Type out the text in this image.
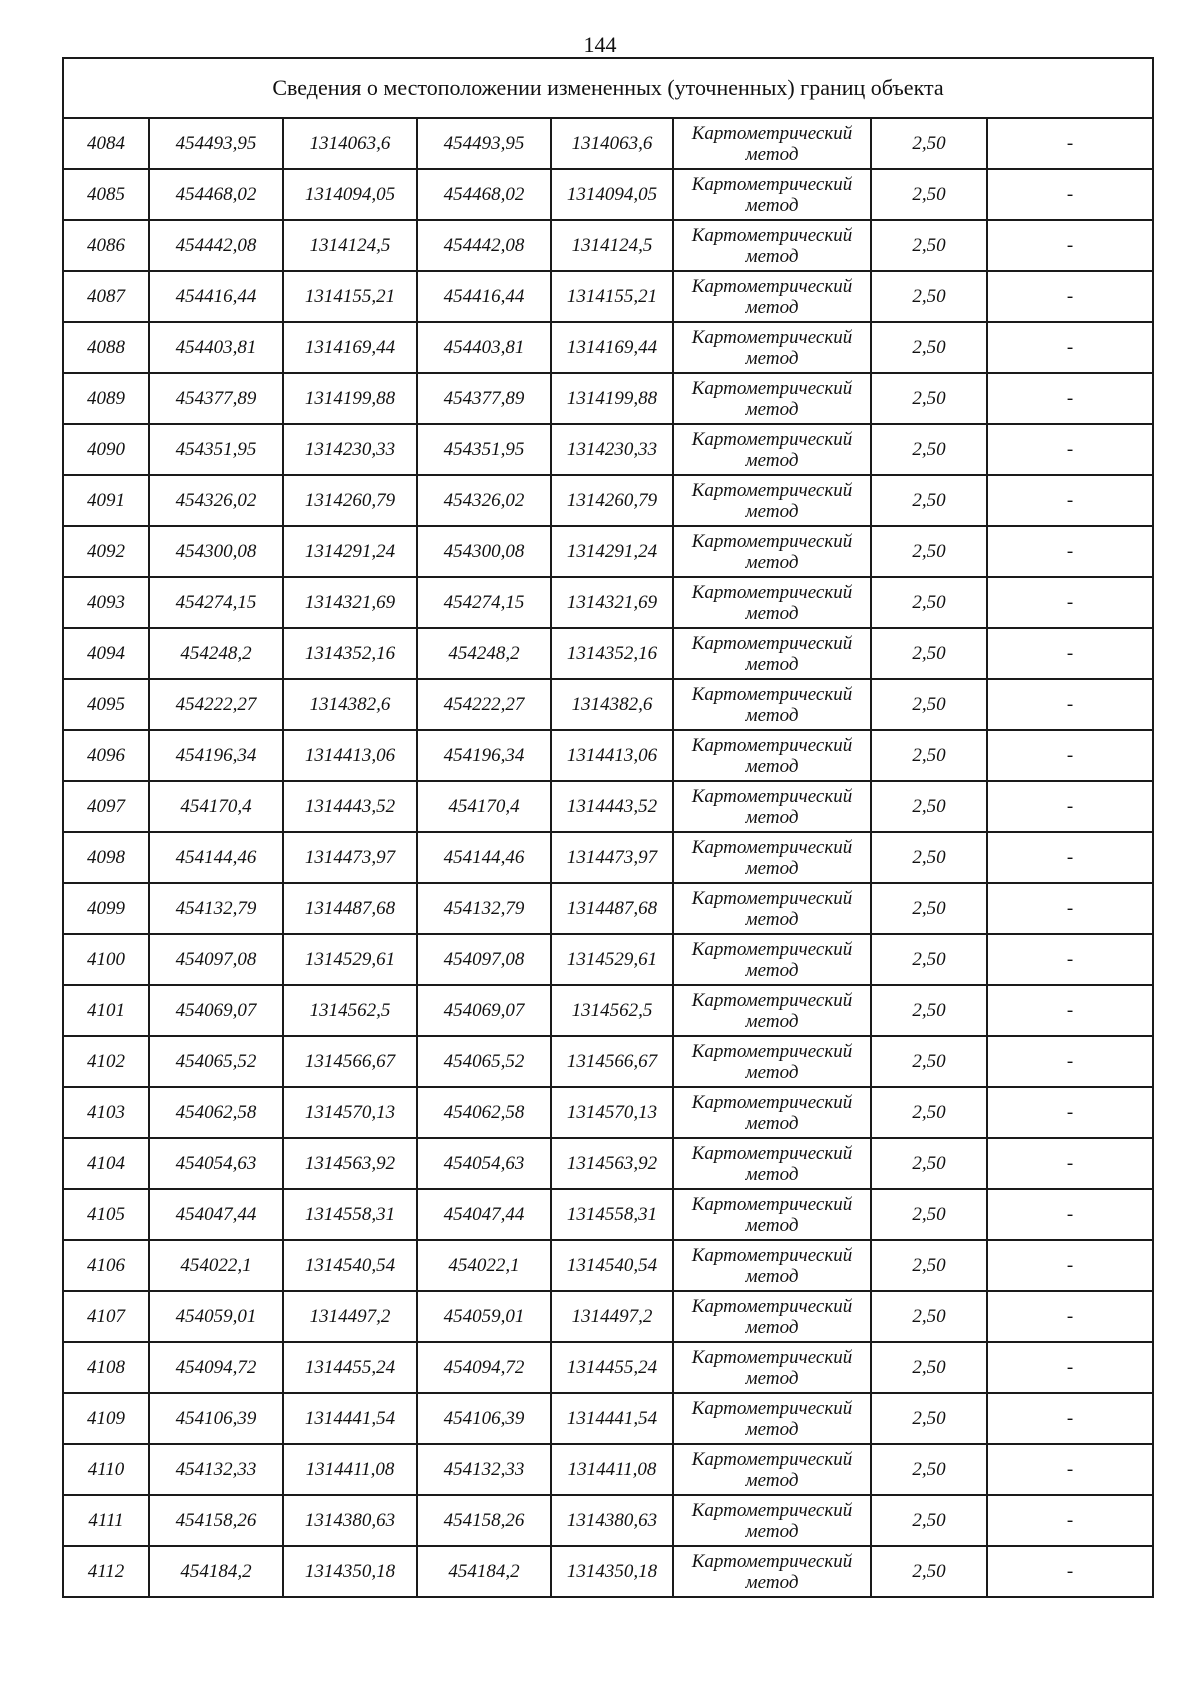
144
Сведения о местоположении измененных (уточненных) границ объекта							
4084	454493,95	1314063,6	454493,95	1314063,6	Картометрический метод	2,50	-
4085	454468,02	1314094,05	454468,02	1314094,05	Картометрический метод	2,50	-
4086	454442,08	1314124,5	454442,08	1314124,5	Картометрический метод	2,50	-
4087	454416,44	1314155,21	454416,44	1314155,21	Картометрический метод	2,50	-
4088	454403,81	1314169,44	454403,81	1314169,44	Картометрический метод	2,50	-
4089	454377,89	1314199,88	454377,89	1314199,88	Картометрический метод	2,50	-
4090	454351,95	1314230,33	454351,95	1314230,33	Картометрический метод	2,50	-
4091	454326,02	1314260,79	454326,02	1314260,79	Картометрический метод	2,50	-
4092	454300,08	1314291,24	454300,08	1314291,24	Картометрический метод	2,50	-
4093	454274,15	1314321,69	454274,15	1314321,69	Картометрический метод	2,50	-
4094	454248,2	1314352,16	454248,2	1314352,16	Картометрический метод	2,50	-
4095	454222,27	1314382,6	454222,27	1314382,6	Картометрический метод	2,50	-
4096	454196,34	1314413,06	454196,34	1314413,06	Картометрический метод	2,50	-
4097	454170,4	1314443,52	454170,4	1314443,52	Картометрический метод	2,50	-
4098	454144,46	1314473,97	454144,46	1314473,97	Картометрический метод	2,50	-
4099	454132,79	1314487,68	454132,79	1314487,68	Картометрический метод	2,50	-
4100	454097,08	1314529,61	454097,08	1314529,61	Картометрический метод	2,50	-
4101	454069,07	1314562,5	454069,07	1314562,5	Картометрический метод	2,50	-
4102	454065,52	1314566,67	454065,52	1314566,67	Картометрический метод	2,50	-
4103	454062,58	1314570,13	454062,58	1314570,13	Картометрический метод	2,50	-
4104	454054,63	1314563,92	454054,63	1314563,92	Картометрический метод	2,50	-
4105	454047,44	1314558,31	454047,44	1314558,31	Картометрический метод	2,50	-
4106	454022,1	1314540,54	454022,1	1314540,54	Картометрический метод	2,50	-
4107	454059,01	1314497,2	454059,01	1314497,2	Картометрический метод	2,50	-
4108	454094,72	1314455,24	454094,72	1314455,24	Картометрический метод	2,50	-
4109	454106,39	1314441,54	454106,39	1314441,54	Картометрический метод	2,50	-
4110	454132,33	1314411,08	454132,33	1314411,08	Картометрический метод	2,50	-
4111	454158,26	1314380,63	454158,26	1314380,63	Картометрический метод	2,50	-
4112	454184,2	1314350,18	454184,2	1314350,18	Картометрический метод	2,50	-
